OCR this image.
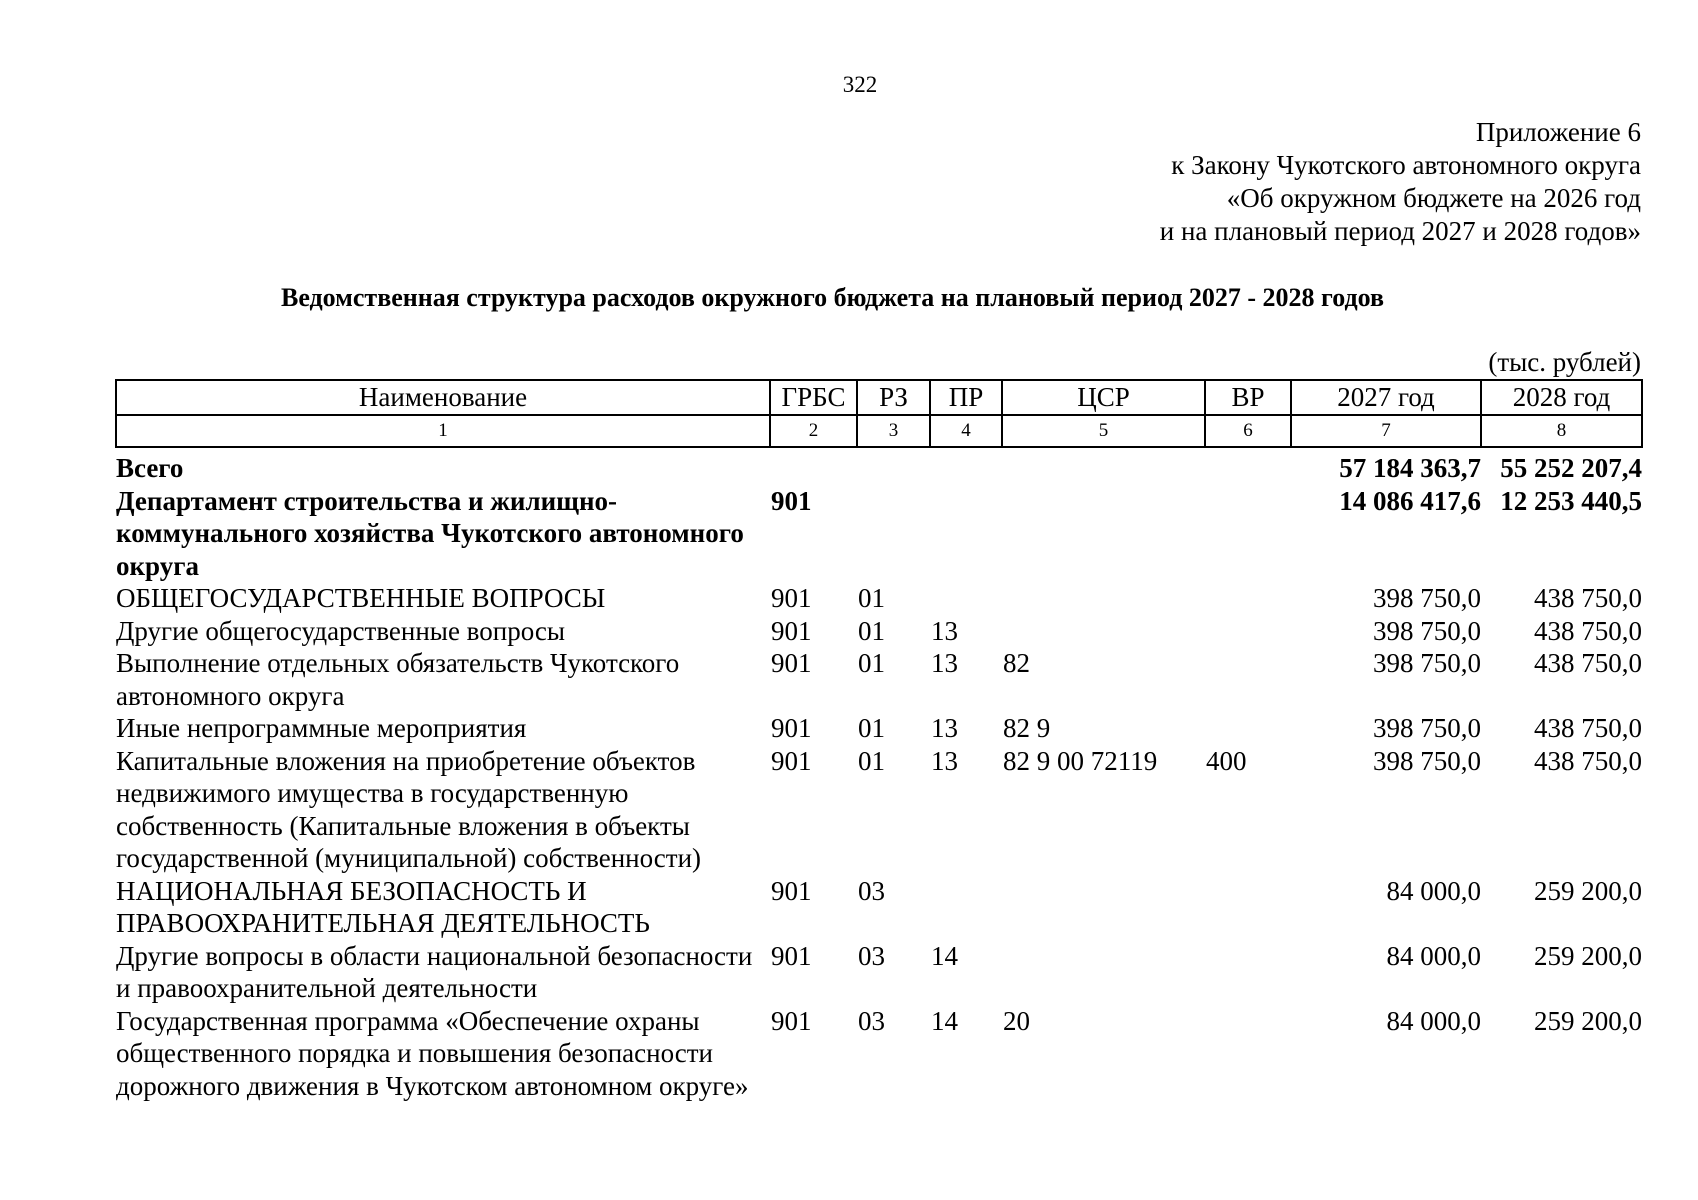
322
Приложение 6
к Закону Чукотского автономного округа
«Об окружном бюджете на 2026 год
и на плановый период 2027 и 2028 годов»
Ведомственная структура расходов окружного бюджета на плановый период 2027 - 2028 годов
(тыс. рублей)
Наименование	ГРБС	РЗ	ПР	ЦСР	ВР	2027 год	2028 год
1	2	3	4	5	6	7	8

Всего						57 184 363,7	55 252 207,4
Департамент строительства и жилищно-коммунального хозяйства Чукотского автономного округа	901					14 086 417,6	12 253 440,5
ОБЩЕГОСУДАРСТВЕННЫЕ ВОПРОСЫ	901	01				398 750,0	438 750,0
Другие общегосударственные вопросы	901	01	13			398 750,0	438 750,0
Выполнение отдельных обязательств Чукотского автономного округа	901	01	13	82		398 750,0	438 750,0
Иные непрограммные мероприятия	901	01	13	82 9		398 750,0	438 750,0
Капитальные вложения на приобретение объектов недвижимого имущества в государственную собственность (Капитальные вложения в объекты государственной (муниципальной) собственности)	901	01	13	82 9 00 72119	400	398 750,0	438 750,0
НАЦИОНАЛЬНАЯ БЕЗОПАСНОСТЬ И ПРАВООХРАНИТЕЛЬНАЯ ДЕЯТЕЛЬНОСТЬ	901	03				84 000,0	259 200,0
Другие вопросы в области национальной безопасности и правоохранительной деятельности	901	03	14			84 000,0	259 200,0
Государственная программа «Обеспечение охраны общественного порядка и повышения безопасности дорожного движения в Чукотском автономном округе»	901	03	14	20		84 000,0	259 200,0
